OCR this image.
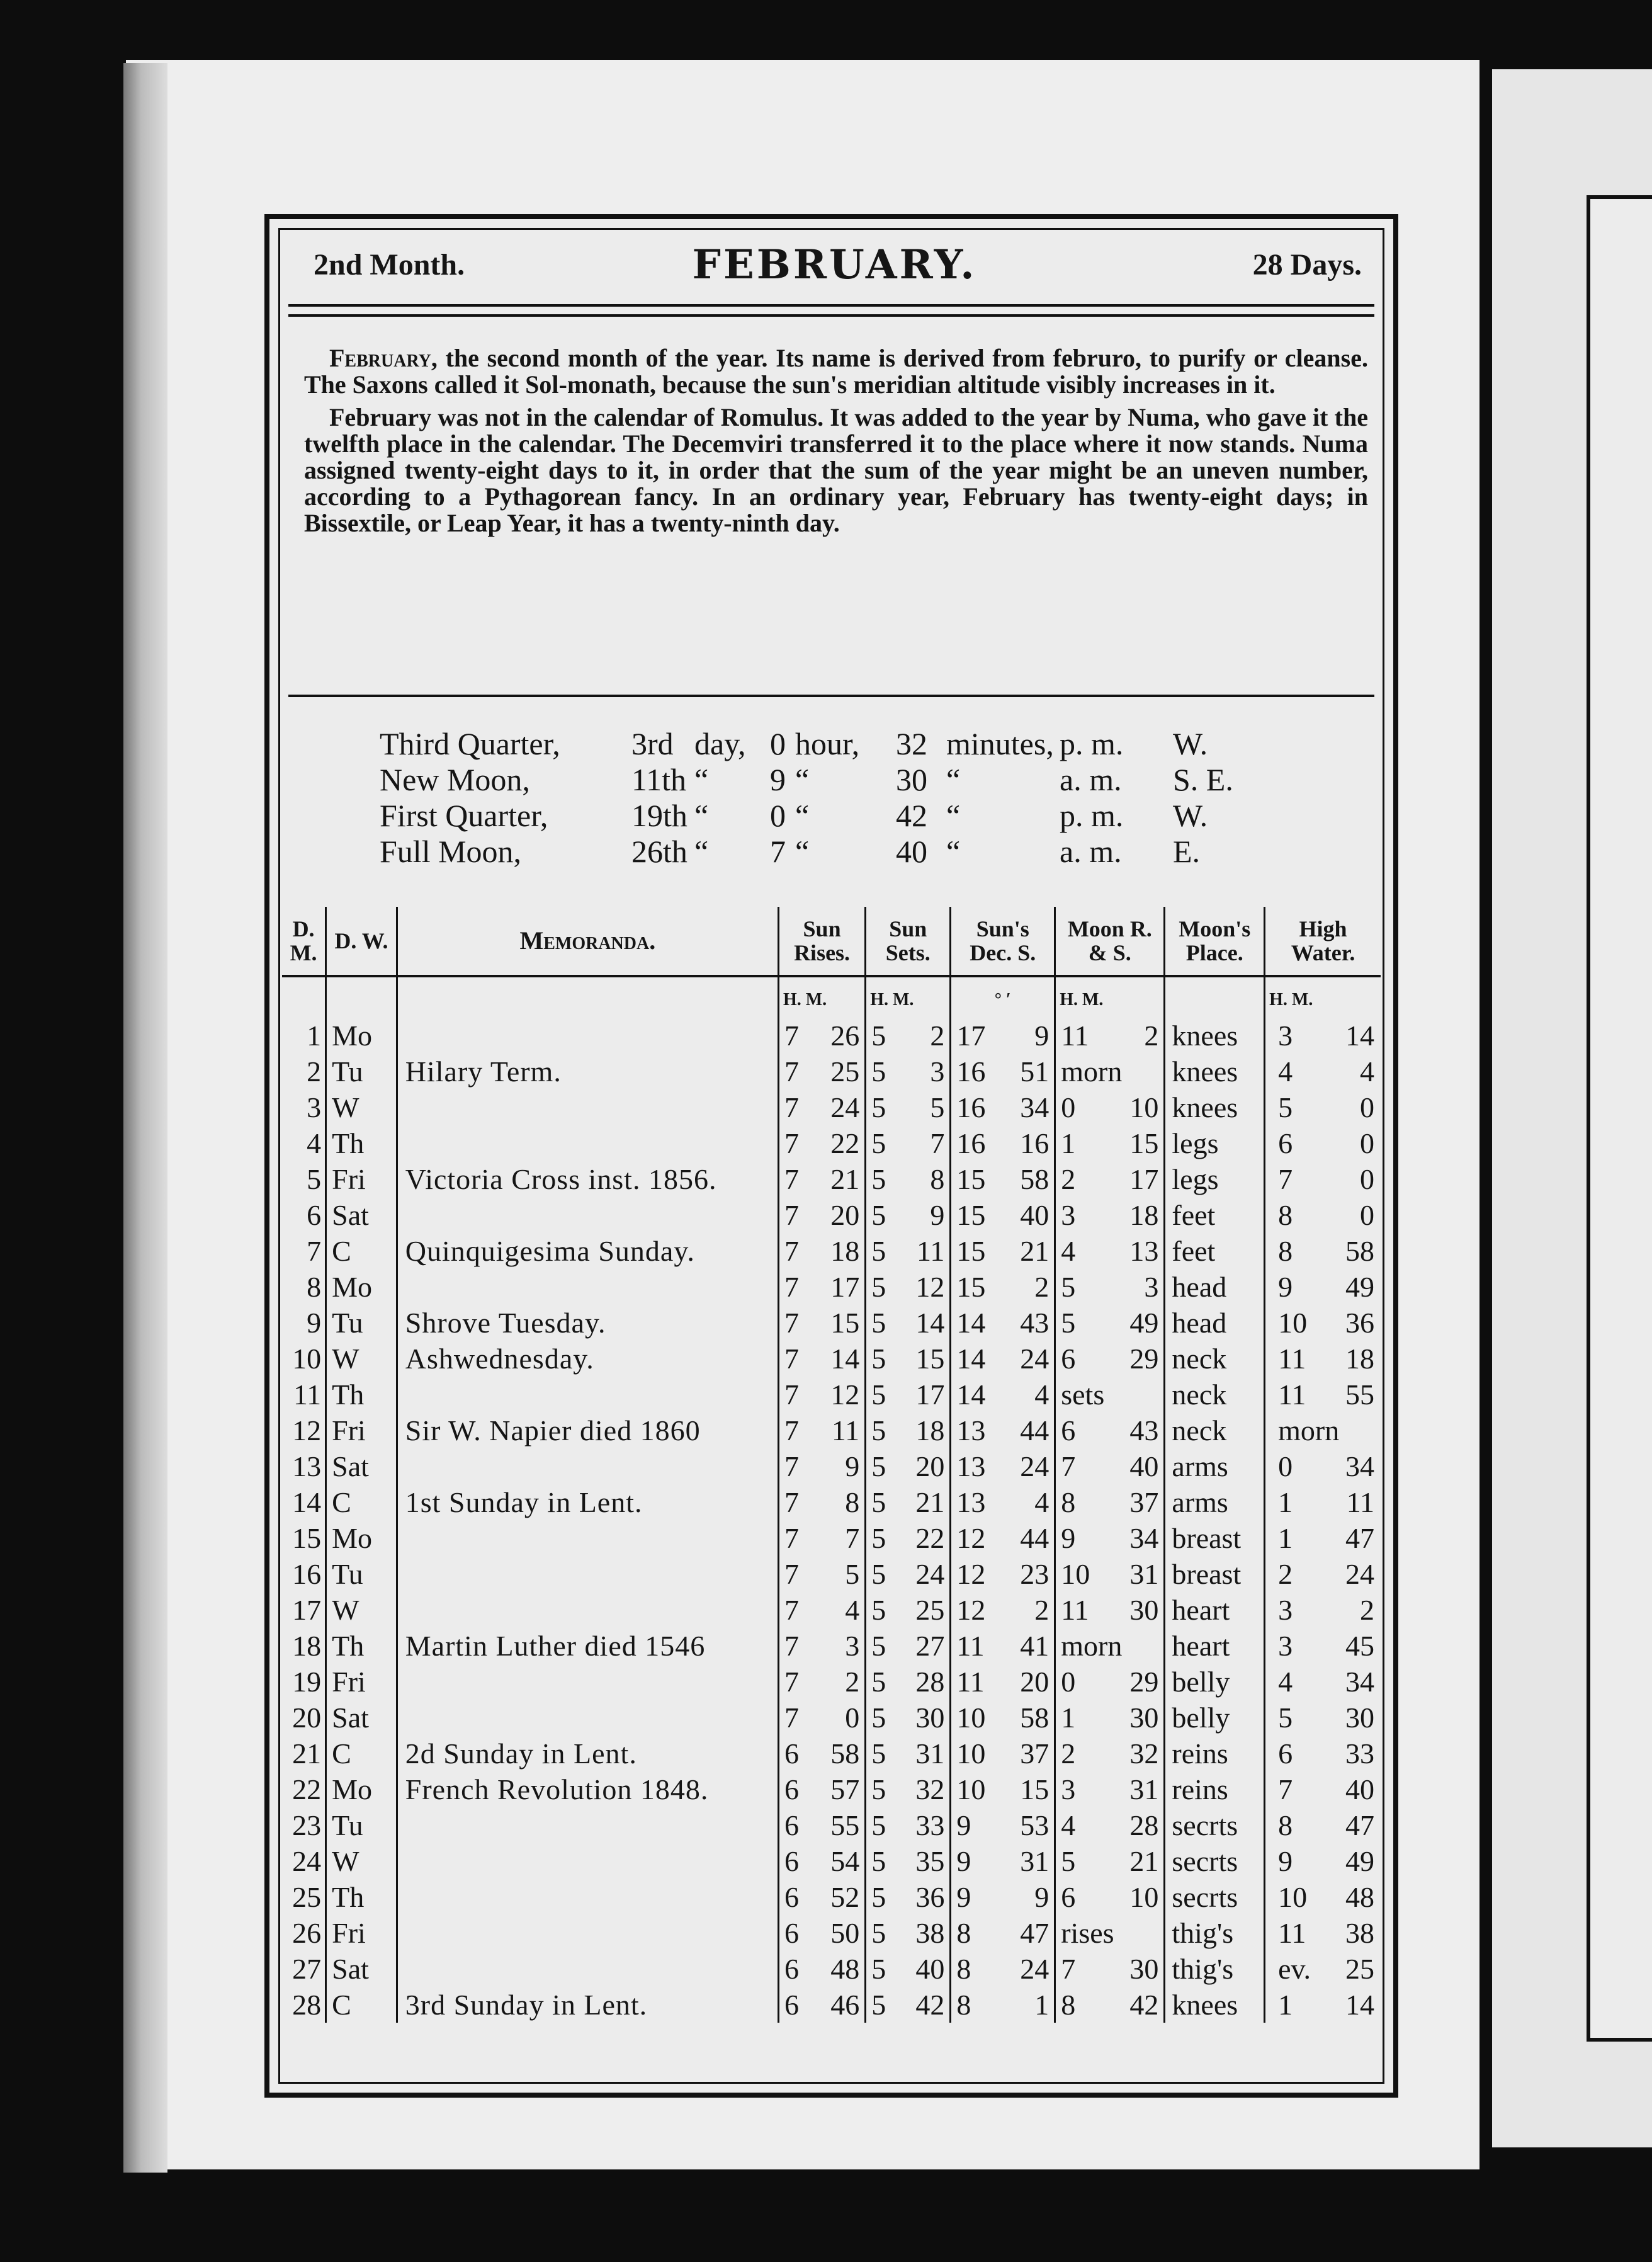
2nd Month.	FEBRUARY.	28 Days.

February, the second month of the year. Its name is derived from februro, to purify or cleanse. The Saxons called it Sol-monath, because the sun's meridian altitude visibly increases in it.

February was not in the calendar of Romulus. It was added to the year by Numa, who gave it the twelfth place in the calendar. The Decemviri transferred it to the place where it now stands. Numa assigned twenty-eight days to it, in order that the sum of the year might be an uneven number, according to a Pythagorean fancy. In an ordinary year, February has twenty-eight days; in Bissextile, or Leap Year, it has a twenty-ninth day.

Third Quarter, 3rd day, 0 hour, 32 minutes, p. m. W.
New Moon,	11th “ 9 “	30 “	a. m. S. E.
First Quarter,	19th “ 0 “	42 “	p. m. W.
Full Moon,	26th “ 7 “	40 “	a. m. E.
D. M.	D. W.	Memoranda.	Sun Rises.	Sun Sets.	Sun's Dec. S.	Moon R. & S.	Moon's Place.	High Water.
			H. M.	H. M.	° ′	H. M.		H. M.
1	Mo		7 26	5 2	17 9	11 2	knees	3 14

2	Tu	Hilary Term.	7 25	5 3	16 51	morn	knees	4 4

3	W		7 24	5 5	16 34	0 10	knees	5 0

4	Th		7 22	5 7	16 16	1 15	legs	6 0

5	Fri	Victoria Cross inst. 1856.	7 21	5 8	15 58	2 17	legs	7 0

6	Sat		7 20	5 9	15 40	3 18	feet	8 0

7	C	Quinquigesima Sunday.	7 18	5 11	15 21	4 13	feet	8 58

8	Mo		7 17	5 12	15 2	5 3	head	9 49

9	Tu	Shrove Tuesday.	7 15	5 14	14 43	5 49	head	10 36

10	W	Ashwednesday.	7 14	5 15	14 24	6 29	neck	11 18

11	Th		7 12	5 17	14 4	sets	neck	11 55

12	Fri	Sir W. Napier died 1860	7 11	5 18	13 44	6 43	neck	morn

13	Sat		7 9	5 20	13 24	7 40	arms	0 34

14	C	1st Sunday in Lent.	7 8	5 21	13 4	8 37	arms	1 11

15	Mo		7 7	5 22	12 44	9 34	breast	1 47

16	Tu		7 5	5 24	12 23	10 31	breast	2 24

17	W		7 4	5 25	12 2	11 30	heart	3 2

18	Th	Martin Luther died 1546	7 3	5 27	11 41	morn	heart	3 45

19	Fri		7 2	5 28	11 20	0 29	belly	4 34

20	Sat		7 0	5 30	10 58	1 30	belly	5 30

21	C	2d Sunday in Lent.	6 58	5 31	10 37	2 32	reins	6 33

22	Mo	French Revolution 1848.	6 57	5 32	10 15	3 31	reins	7 40

23	Tu		6 55	5 33	9 53	4 28	secrts	8 47

24	W		6 54	5 35	9 31	5 21	secrts	9 49

25	Th		6 52	5 36	9 9	6 10	secrts	10 48

26	Fri		6 50	5 38	8 47	rises	thig's	11 38

27	Sat		6 48	5 40	8 24	7 30	thig's	ev. 25

28	C	3rd Sunday in Lent.	6 46	5 42	8 1	8 42	knees	1 14
